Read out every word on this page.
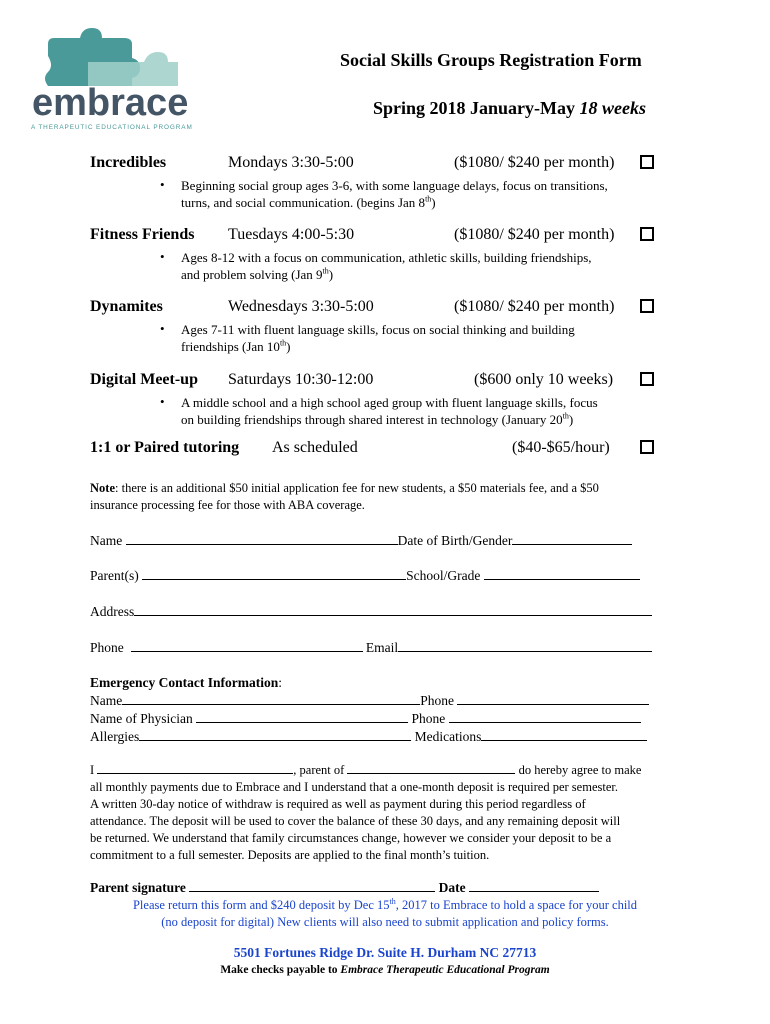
embrace
A THERAPEUTIC EDUCATIONAL PROGRAM
Social Skills Groups Registration Form
Spring 2018 January-May 18 weeks
Incredibles	Mondays 3:30-5:00	($1080/ $240 per month)
• Beginning social group ages 3-6, with some language delays, focus on transitions,
turns, and social communication. (begins Jan 8th)
Fitness Friends Tuesdays 4:00-5:30	($1080/ $240 per month)
• Ages 8-12 with a focus on communication, athletic skills, building friendships,
and problem solving (Jan 9th)
Dynamites	Wednesdays 3:30-5:00	($1080/ $240 per month)
• Ages 7-11 with fluent language skills, focus on social thinking and building
friendships (Jan 10th)
Digital Meet-up Saturdays 10:30-12:00	($600 only 10 weeks)
• A middle school and a high school aged group with fluent language skills, focus
on building friendships through shared interest in technology (January 20th)
1:1 or Paired tutoring As scheduled	($40-$65/hour)
Note: there is an additional $50 initial application fee for new students, a $50 materials fee, and a $50
insurance processing fee for those with ABA coverage.
Name	Date of Birth/Gender
Parent(s)	School/Grade
Address
Phone	Email
Emergency Contact Information:
Name	Phone
Name of Physician	Phone
Allergies	Medications
I	, parent of	do hereby agree to make
all monthly payments due to Embrace and I understand that a one-month deposit is required per semester.
A written 30-day notice of withdraw is required as well as payment during this period regardless of
attendance. The deposit will be used to cover the balance of these 30 days, and any remaining deposit will
be returned. We understand that family circumstances change, however we consider your deposit to be a
commitment to a full semester. Deposits are applied to the final month’s tuition.
Parent signature	Date
Please return this form and $240 deposit by Dec 15th, 2017 to Embrace to hold a space for your child
(no deposit for digital) New clients will also need to submit application and policy forms.
5501 Fortunes Ridge Dr. Suite H. Durham NC 27713
Make checks payable to Embrace Therapeutic Educational Program
